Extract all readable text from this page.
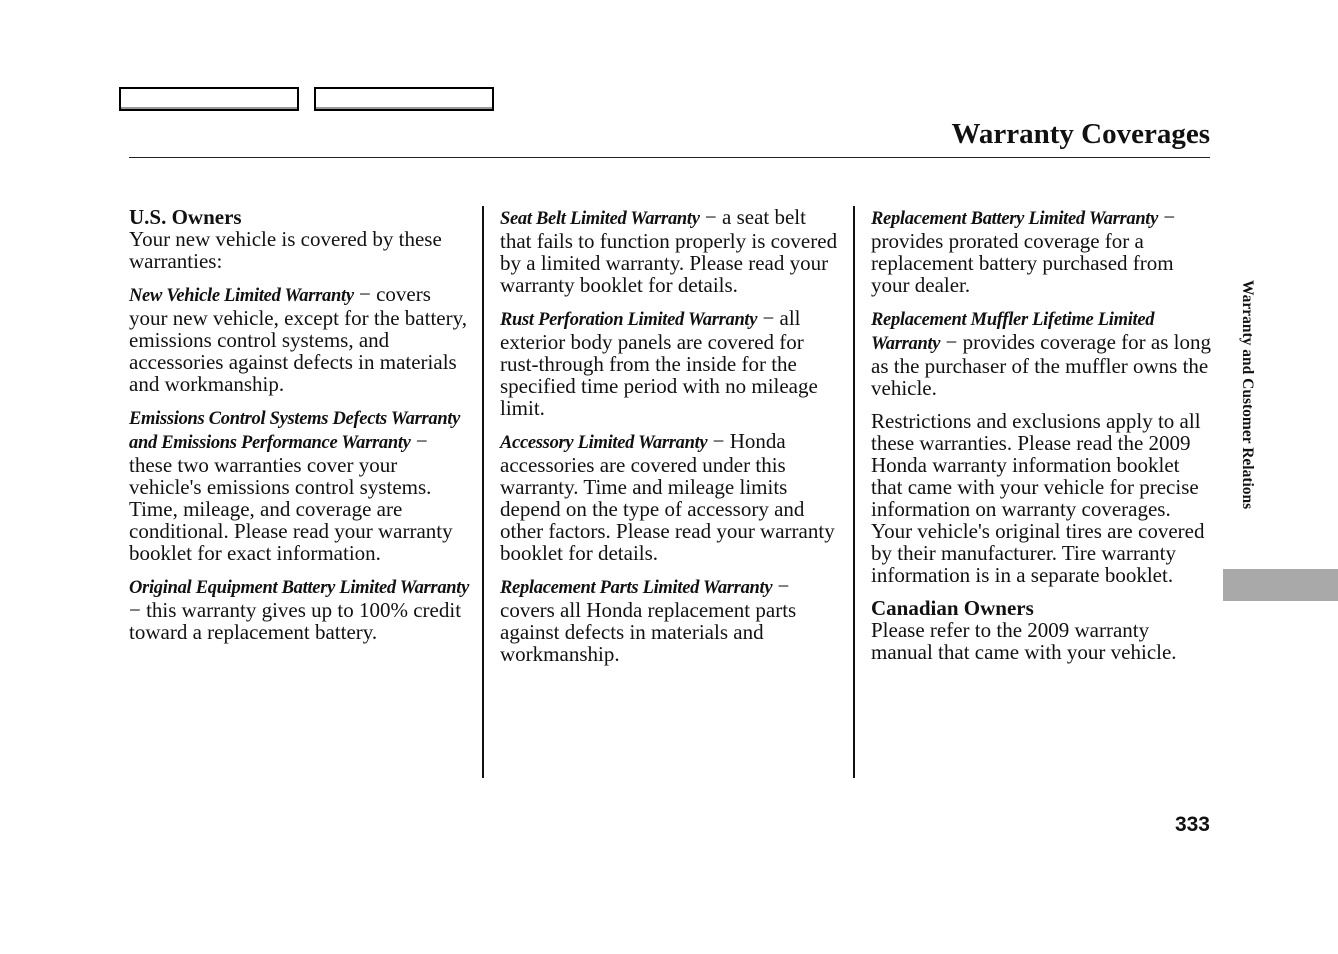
Warranty Coverages
U.S. Owners
Your new vehicle is covered by these warranties:
New Vehicle Limited Warranty − covers your new vehicle, except for the battery, emissions control systems, and accessories against defects in materials and workmanship.
Emissions Control Systems Defects Warranty and Emissions Performance Warranty − these two warranties cover your vehicle's emissions control systems. Time, mileage, and coverage are conditional. Please read your warranty booklet for exact information.
Original Equipment Battery Limited Warranty − this warranty gives up to 100% credit toward a replacement battery.
Seat Belt Limited Warranty − a seat belt that fails to function properly is covered by a limited warranty. Please read your warranty booklet for details.
Rust Perforation Limited Warranty − all exterior body panels are covered for rust-through from the inside for the specified time period with no mileage limit.
Accessory Limited Warranty − Honda accessories are covered under this warranty. Time and mileage limits depend on the type of accessory and other factors. Please read your warranty booklet for details.
Replacement Parts Limited Warranty − covers all Honda replacement parts against defects in materials and workmanship.
Replacement Battery Limited Warranty − provides prorated coverage for a replacement battery purchased from your dealer.
Replacement Muffler Lifetime Limited Warranty − provides coverage for as long as the purchaser of the muffler owns the vehicle.
Restrictions and exclusions apply to all these warranties. Please read the 2009 Honda warranty information booklet that came with your vehicle for precise information on warranty coverages. Your vehicle's original tires are covered by their manufacturer. Tire warranty information is in a separate booklet.
Canadian Owners
Please refer to the 2009 warranty manual that came with your vehicle.
Warranty and Customer Relations
333
